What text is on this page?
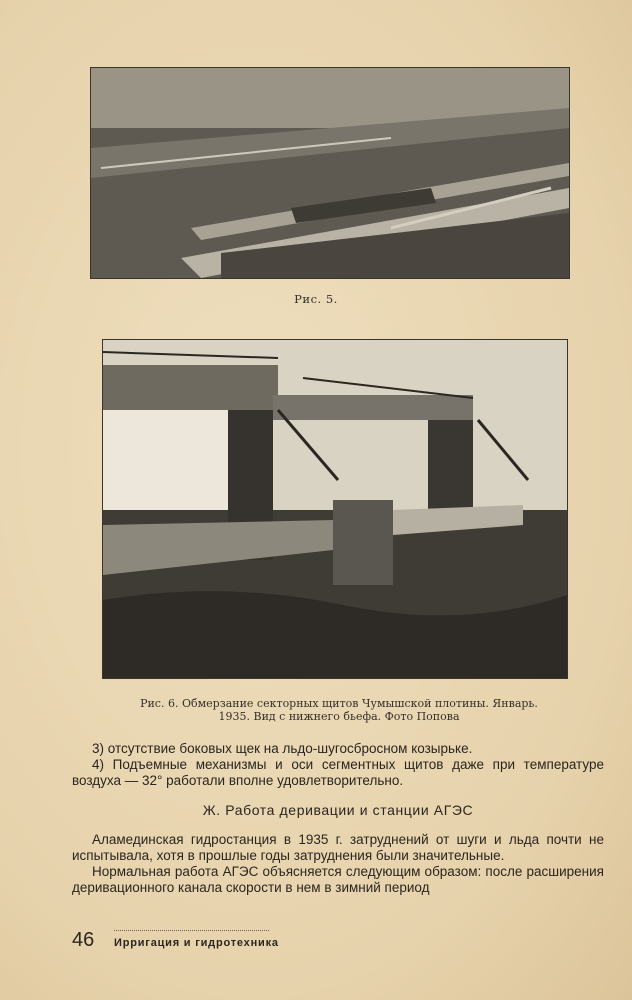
Рис. 5.
Рис. 6. Обмерзание секторных щитов Чумышской плотины. Январь.
1935. Вид с нижнего бьефа. Фото Попова

3) отсутствие боковых щек на льдо-шугосбросном козырьке.

4) Подъемные механизмы и оси сегментных щитов даже при температуре воздуха — 32° работали вполне удовлетворительно.

Ж. Работа деривации и станции АГЭС

Аламединская гидростанция в 1935 г. затруднений от шуги и льда почти не испытывала, хотя в прошлые годы затруднения были значительные.

Нормальная работа АГЭС объясняется следующим образом: после расширения деривационного канала скорости в нем в зимний период

46 Ирригация и гидротехника
